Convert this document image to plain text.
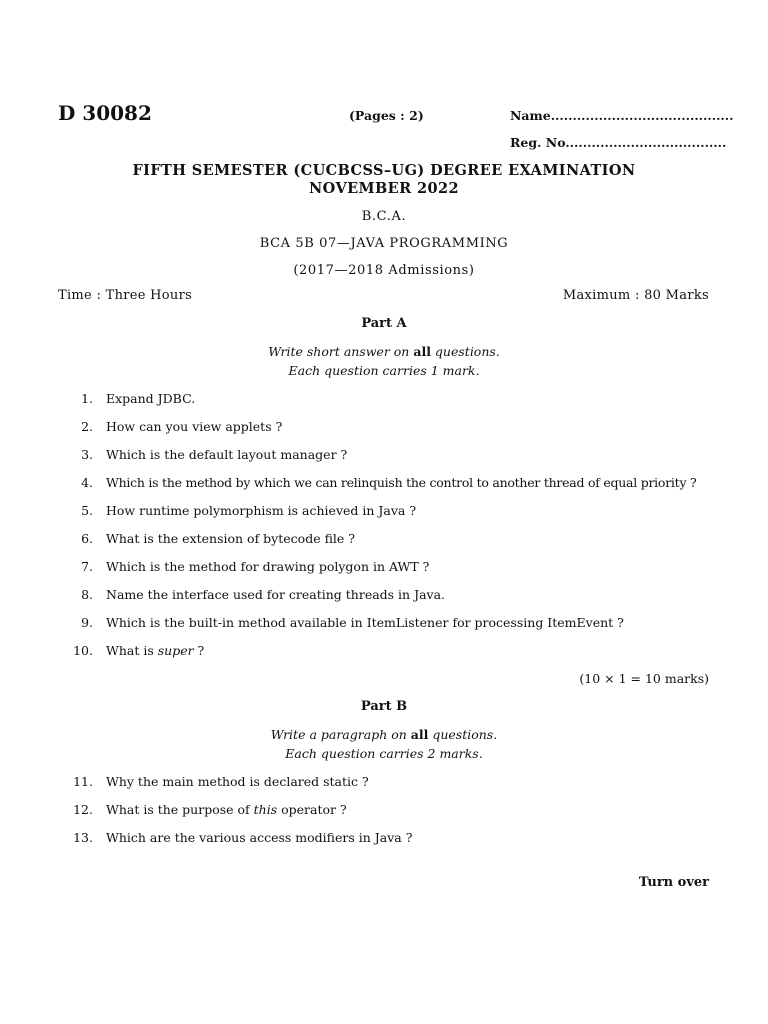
D 30082	(Pages : 2)	Name..........................................
Reg. No.....................................
FIFTH SEMESTER (CUCBCSS–UG) DEGREE EXAMINATION
NOVEMBER 2022
B.C.A.
BCA 5B 07—JAVA PROGRAMMING
(2017—2018 Admissions)
Time : Three Hours	Maximum : 80 Marks
Part A
Write short answer on all questions.
Each question carries 1 mark.
1. Expand JDBC.
2. How can you view applets ?
3. Which is the default layout manager ?
4. Which is the method by which we can relinquish the control to another thread of equal priority ?
5. How runtime polymorphism is achieved in Java ?
6. What is the extension of bytecode file ?
7. Which is the method for drawing polygon in AWT ?
8. Name the interface used for creating threads in Java.
9. Which is the built-in method available in ItemListener for processing ItemEvent ?
10. What is super ?
(10 × 1 = 10 marks)
Part B
Write a paragraph on all questions.
Each question carries 2 marks.
11. Why the main method is declared static ?
12. What is the purpose of this operator ?
13. Which are the various access modifiers in Java ?
Turn over
